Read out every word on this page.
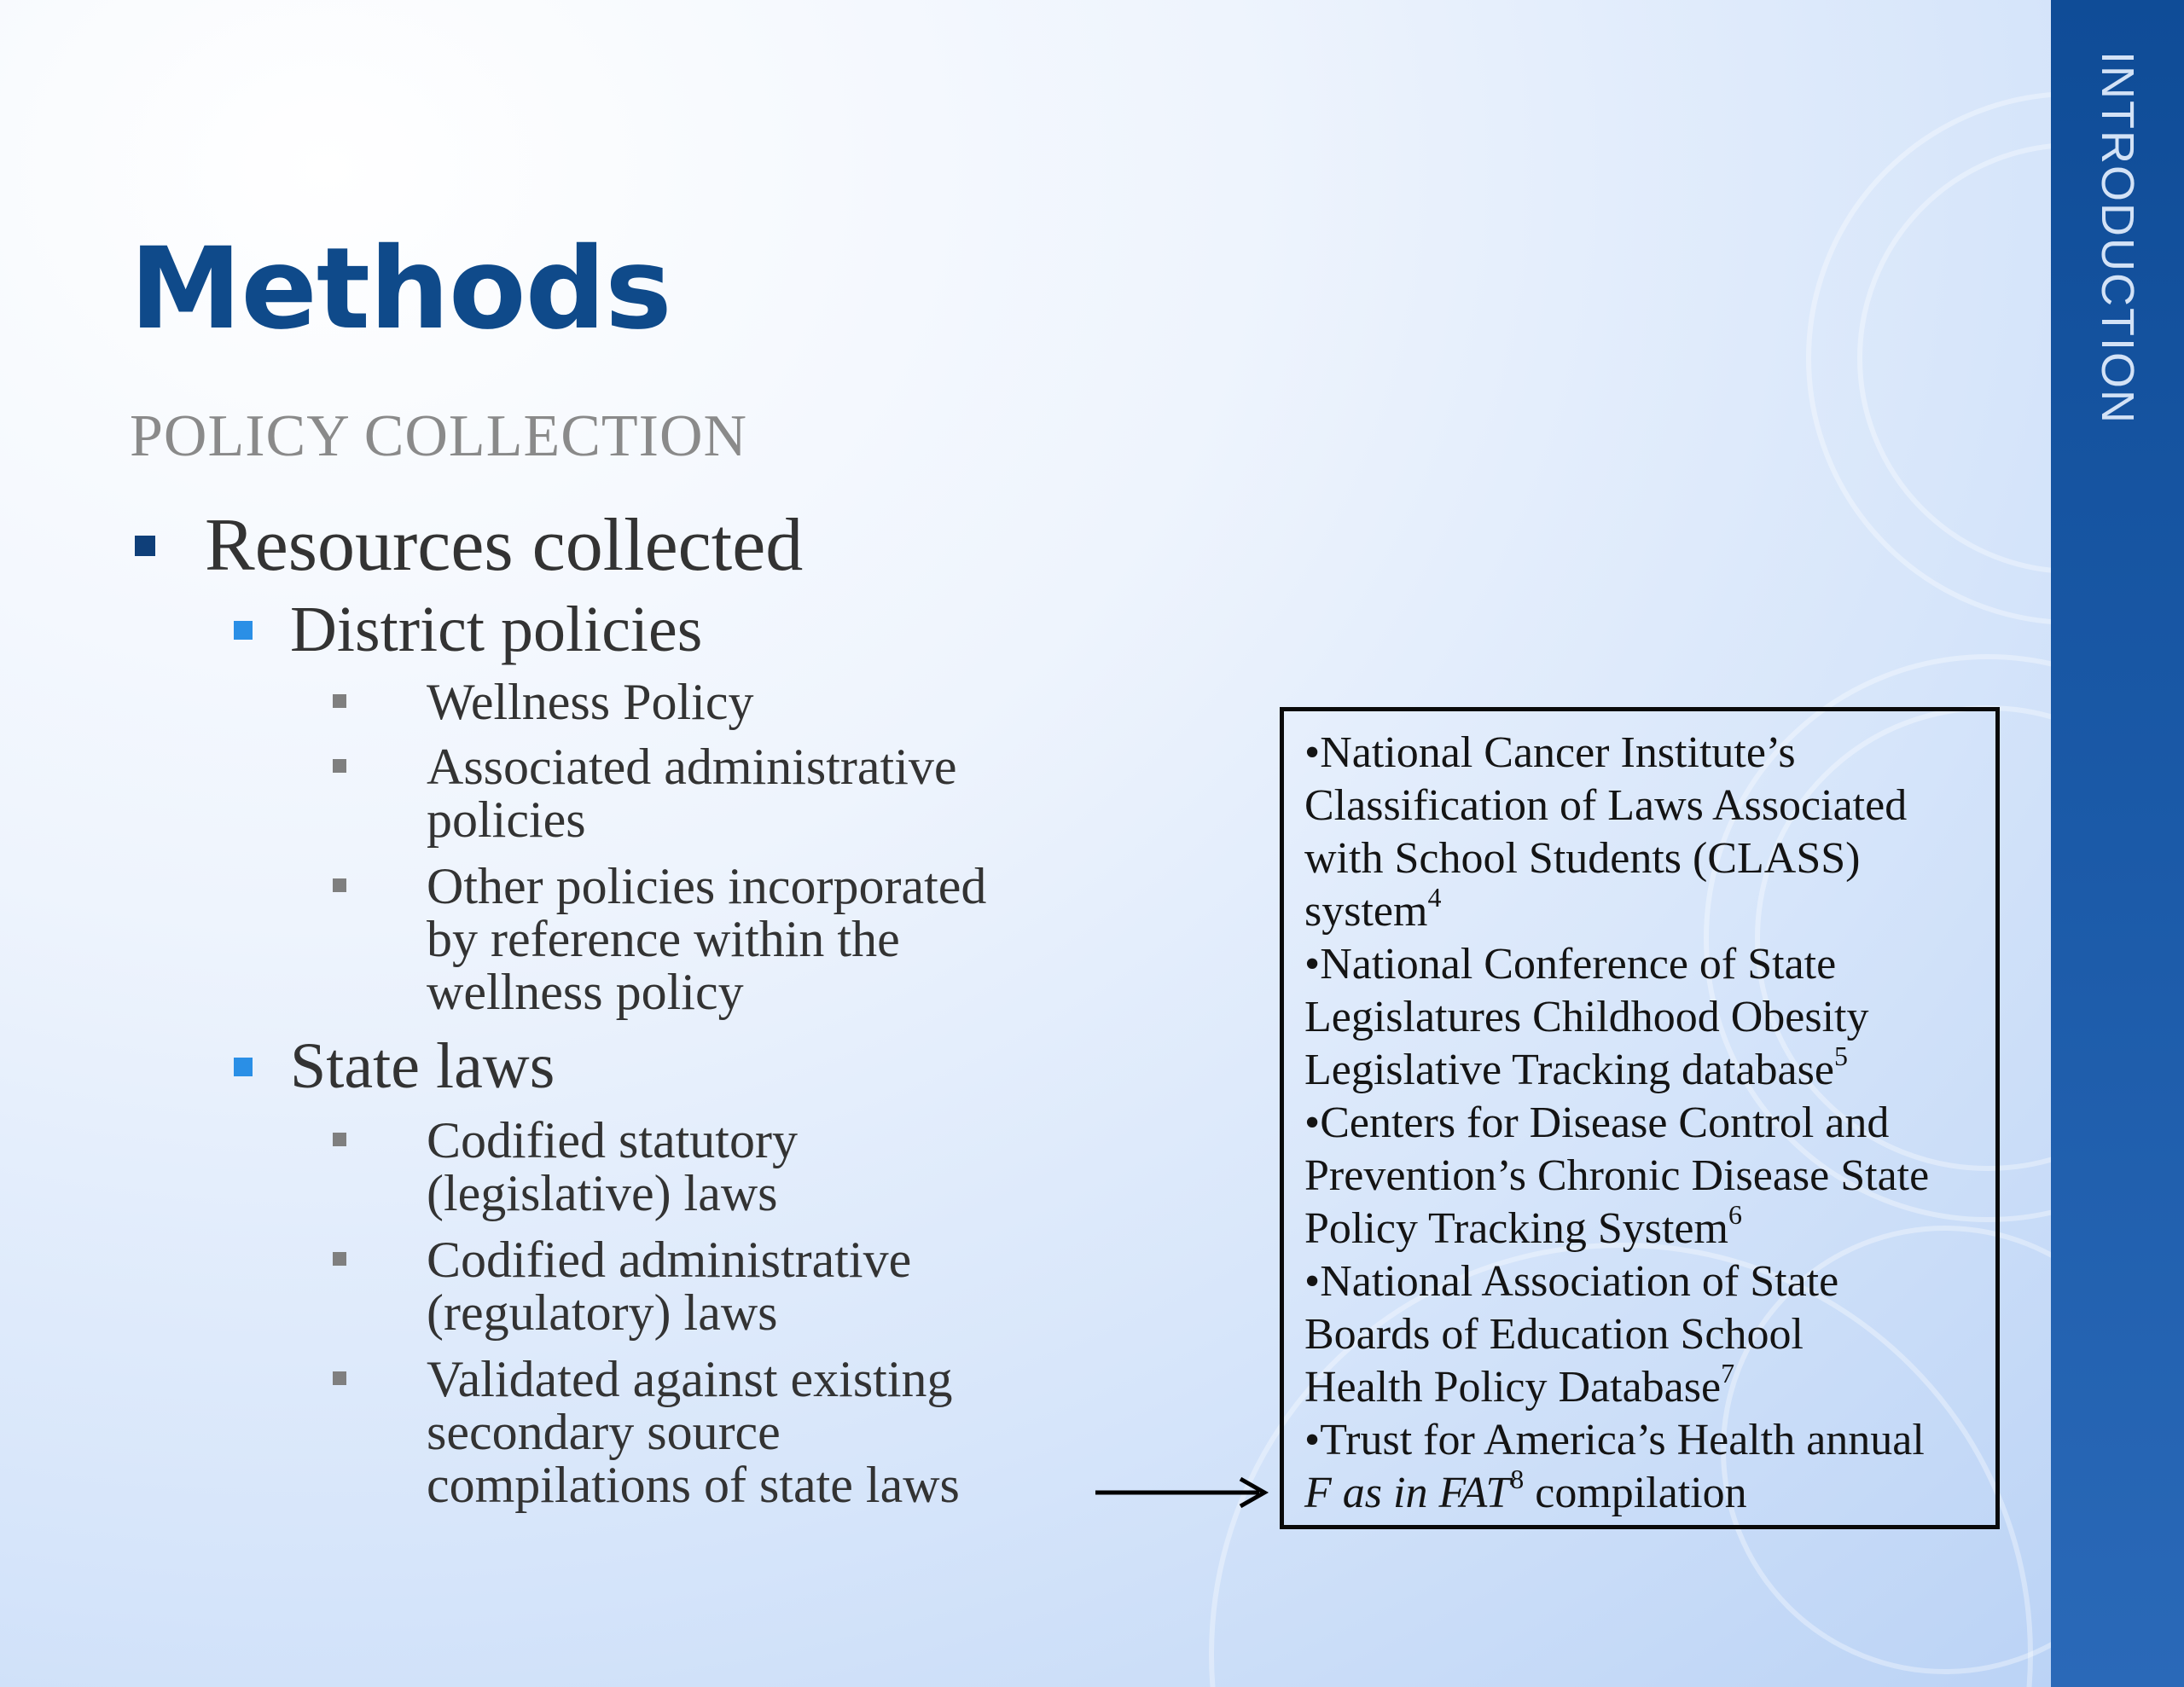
INTRODUCTION
Methods
POLICY COLLECTION
Resources collected
District policies
Wellness Policy
Associated administrative
policies
Other policies incorporated
by reference within the
wellness policy
State laws
Codified statutory
(legislative) laws
Codified administrative
(regulatory) laws
Validated against existing
secondary source
compilations of state laws

•National Cancer Institute’s
Classification of Laws Associated
with School Students (CLASS)
system$^4$

•National Conference of State
Legislatures Childhood Obesity
Legislative Tracking database$^5$

•Centers for Disease Control and
Prevention’s Chronic Disease State
Policy Tracking System$^6$

•National Association of State
Boards of Education School
Health Policy Database$^7$

•Trust for America’s Health annual
F as in FAT$^8$ compilation
